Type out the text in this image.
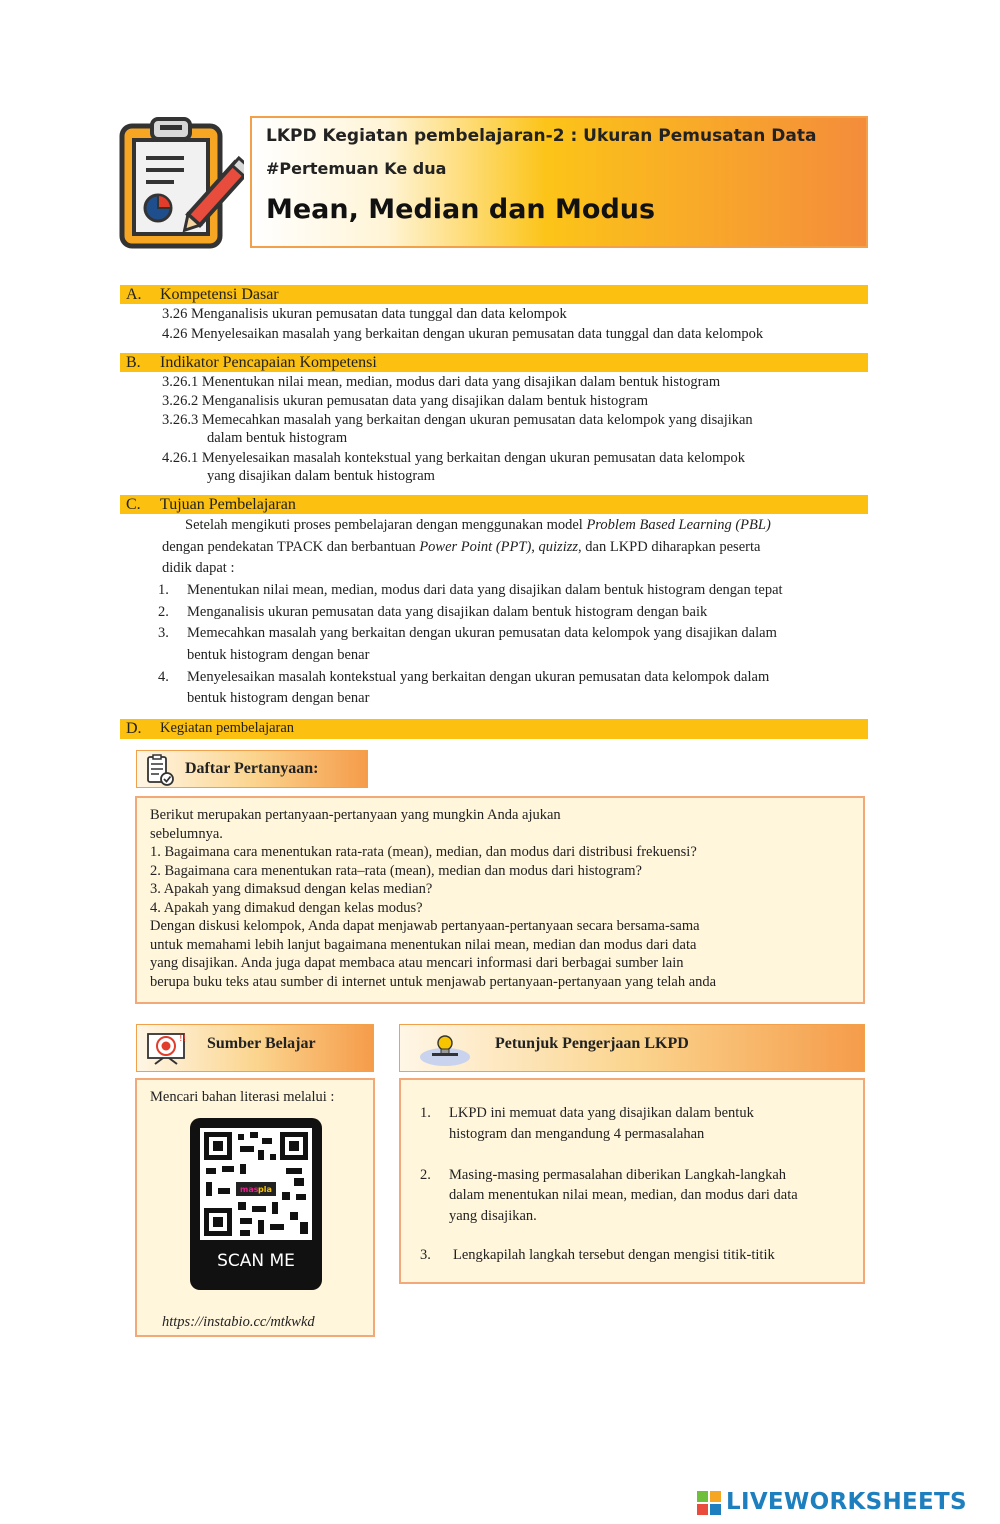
LKPD Kegiatan pembelajaran-2 : Ukuran Pemusatan Data
#Pertemuan Ke dua
Mean, Median dan Modus
A. Kompetensi Dasar
3.26 Menganalisis ukuran pemusatan data tunggal dan data kelompok
4.26 Menyelesaikan masalah yang berkaitan dengan ukuran pemusatan data tunggal dan data kelompok
B. Indikator Pencapaian Kompetensi
3.26.1 Menentukan nilai mean, median, modus dari data yang disajikan dalam bentuk histogram
3.26.2 Menganalisis ukuran pemusatan data yang disajikan dalam bentuk histogram
3.26.3 Memecahkan masalah yang berkaitan dengan ukuran pemusatan data kelompok yang disajikan
dalam bentuk histogram
4.26.1 Menyelesaikan masalah kontekstual yang berkaitan dengan ukuran pemusatan data kelompok
yang disajikan dalam bentuk histogram
C. Tujuan Pembelajaran
Setelah mengikuti proses pembelajaran dengan menggunakan model Problem Based Learning (PBL)
dengan pendekatan TPACK dan berbantuan Power Point (PPT), quizizz, dan LKPD diharapkan peserta
didik dapat :
1. Menentukan nilai mean, median, modus dari data yang disajikan dalam bentuk histogram dengan tepat
2. Menganalisis ukuran pemusatan data yang disajikan dalam bentuk histogram dengan baik
3. Memecahkan masalah yang berkaitan dengan ukuran pemusatan data kelompok yang disajikan dalam
bentuk histogram dengan benar
4. Menyelesaikan masalah kontekstual yang berkaitan dengan ukuran pemusatan data kelompok dalam
bentuk histogram dengan benar
D. Kegiatan pembelajaran
Daftar Pertanyaan:
Berikut merupakan pertanyaan-pertanyaan yang mungkin Anda ajukan
sebelumnya.
1. Bagaimana cara menentukan rata-rata (mean), median, dan modus dari distribusi frekuensi?
2. Bagaimana cara menentukan rata–rata (mean), median dan modus dari histogram?
3. Apakah yang dimaksud dengan kelas median?
4. Apakah yang dimakud dengan kelas modus?
Dengan diskusi kelompok, Anda dapat menjawab pertanyaan-pertanyaan secara bersama-sama
untuk memahami lebih lanjut bagaimana menentukan nilai mean, median dan modus dari data
yang disajikan. Anda juga dapat membaca atau mencari informasi dari berbagai sumber lain
berupa buku teks atau sumber di internet untuk menjawab pertanyaan-pertanyaan yang telah anda
!! Sumber Belajar
Mencari bahan literasi melalui :
https://instabio.cc/mtkwkd
mas pla
SCAN ME
Petunjuk Pengerjaan LKPD
1. LKPD ini memuat data yang disajikan dalam bentuk
histogram dan mengandung 4 permasalahan
2. Masing-masing permasalahan diberikan Langkah-langkah
dalam menentukan nilai mean, median, dan modus dari data
yang disajikan.
3. Lengkapilah langkah tersebut dengan mengisi titik-titik
LIVEWORKSHEETS
